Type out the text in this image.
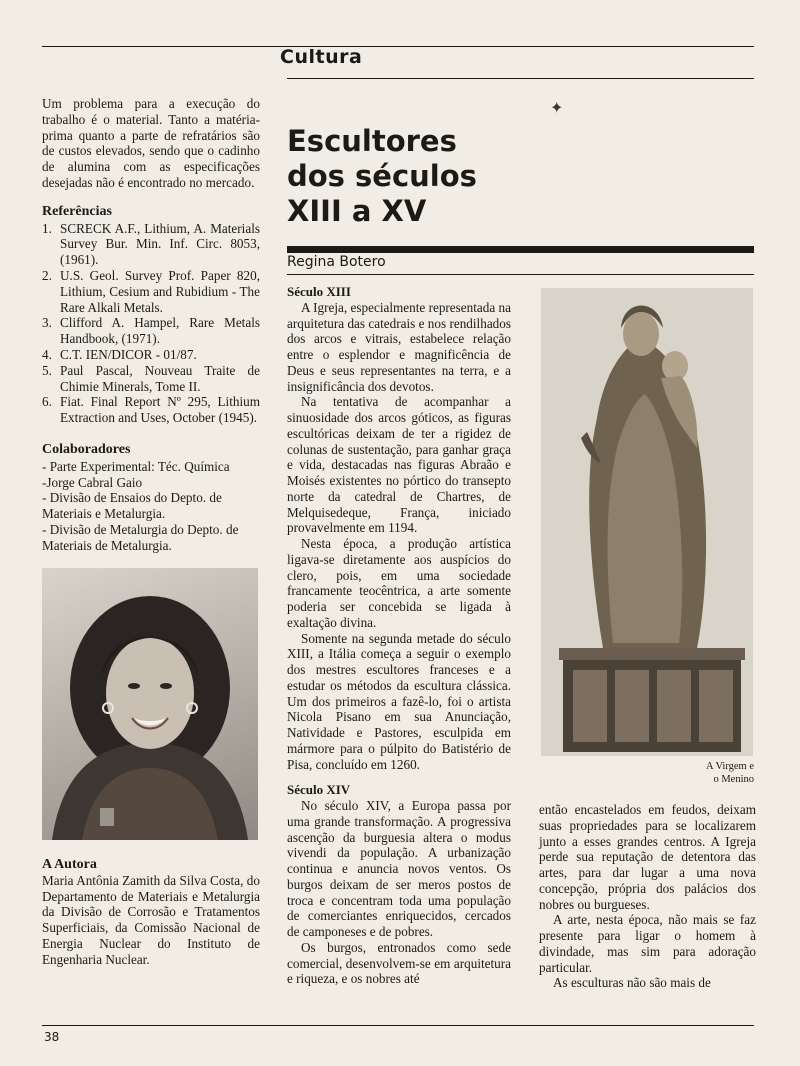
Cultura
✦

Um problema para a execução do trabalho é o material. Tanto a matéria-prima quanto a parte de refratários são de custos elevados, sendo que o cadinho de alumina com as especificações desejadas não é encontrado no mercado.

Referências
1. SCRECK A.F., Lithium, A. Materials Survey Bur. Min. Inf. Circ. 8053, (1961).
2. U.S. Geol. Survey Prof. Paper 820, Lithium, Cesium and Rubidium - The Rare Alkali Metals.
3. Clifford A. Hampel, Rare Metals Handbook, (1971).
4. C.T. IEN/DICOR - 01/87.
5. Paul Pascal, Nouveau Traite de Chimie Minerals, Tome II.
6. Fiat. Final Report Nº 295, Lithium Extraction and Uses, October (1945).
Colaboradores
- Parte Experimental: Téc. Química
-Jorge Cabral Gaio
- Divisão de Ensaios do Depto. de Materiais e Metalurgia.
- Divisão de Metalurgia do Depto. de Materiais de Metalurgia.
A Autora

Maria Antônia Zamith da Silva Costa, do Departamento de Materiais e Metalurgia da Divisão de Corrosão e Tratamentos Superficiais, da Comissão Nacional de Energia Nuclear do Instituto de Engenharia Nuclear.

Escultores
dos séculos
XIII a XV
Regina Botero
Século XIII

A Igreja, especialmente representada na arquitetura das catedrais e nos rendilhados dos arcos e vitrais, estabelece relação entre o esplendor e magnificência de Deus e seus representantes na terra, e a insignificância dos devotos.

Na tentativa de acompanhar a sinuosidade dos arcos góticos, as figuras escultóricas deixam de ter a rigidez de colunas de sustentação, para ganhar graça e vida, destacadas nas figuras Abraão e Moisés existentes no pórtico do transepto norte da catedral de Chartres, de Melquisedeque, França, iniciado provavelmente em 1194.

Nesta época, a produção artística ligava-se diretamente aos auspícios do clero, pois, em uma sociedade francamente teocêntrica, a arte somente poderia ser concebida se ligada à exaltação divina.

Somente na segunda metade do século XIII, a Itália começa a seguir o exemplo dos mestres escultores franceses e a estudar os métodos da escultura clássica. Um dos primeiros a fazê-lo, foi o artista Nicola Pisano em sua Anunciação, Natividade e Pastores, esculpida em mármore para o púlpito do Batistério de Pisa, concluído em 1260.

Século XIV

No século XIV, a Europa passa por uma grande transformação. A progressiva ascenção da burguesia altera o modus vivendi da população. A urbanização continua e anuncia novos ventos. Os burgos deixam de ser meros postos de troca e concentram toda uma população de comerciantes enriquecidos, cercados de camponeses e de pobres.

Os burgos, entronados como sede comercial, desenvolvem-se em arquitetura e riqueza, e os nobres até

A Virgem e
o Menino

então encastelados em feudos, deixam suas propriedades para se localizarem junto a esses grandes centros. A Igreja perde sua reputação de detentora das artes, para dar lugar a uma nova concepção, própria dos palácios dos nobres ou burgueses.

A arte, nesta época, não mais se faz presente para ligar o homem à divindade, mas sim para adoração particular.

As esculturas não são mais de

38
